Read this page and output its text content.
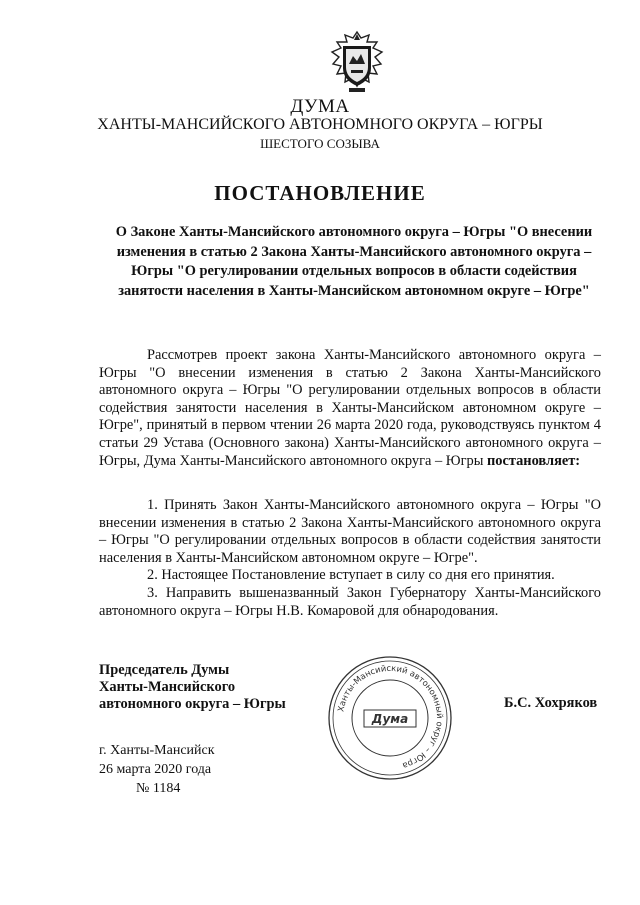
ДУМА
ХАНТЫ-МАНСИЙСКОГО АВТОНОМНОГО ОКРУГА – ЮГРЫ
ШЕСТОГО СОЗЫВА
ПОСТАНОВЛЕНИЕ
О Законе Ханты-Мансийского автономного округа – Югры "О внесении изменения в статью 2 Закона Ханты-Мансийского автономного округа – Югры "О регулировании отдельных вопросов в области содействия занятости населения в Ханты-Мансийском автономном округе – Югре"
Рассмотрев проект закона Ханты-Мансийского автономного округа – Югры "О внесении изменения в статью 2 Закона Ханты-Мансийского автономного округа – Югры "О регулировании отдельных вопросов в области содействия занятости населения в Ханты-Мансийском автономном округе – Югре", принятый в первом чтении 26 марта 2020 года, руководствуясь пунктом 4 статьи 29 Устава (Основного закона) Ханты-Мансийского автономного округа – Югры, Дума Ханты-Мансийского автономного округа – Югры постановляет:
1. Принять Закон Ханты-Мансийского автономного округа – Югры "О внесении изменения в статью 2 Закона Ханты-Мансийского автономного округа – Югры "О регулировании отдельных вопросов в области содействия занятости населения в Ханты-Мансийском автономном округе – Югре".
2. Настоящее Постановление вступает в силу со дня его принятия.
3. Направить вышеназванный Закон Губернатору Ханты-Мансийского автономного округа – Югры Н.В. Комаровой для обнародования.
Председатель Думы
Ханты-Мансийского
автономного округа – Югры	Ханты-Мансийский автономный округ – Югра
Дума
Б.С. Хохряков
г. Ханты-Мансийск
26 марта 2020 года
№ 1184
